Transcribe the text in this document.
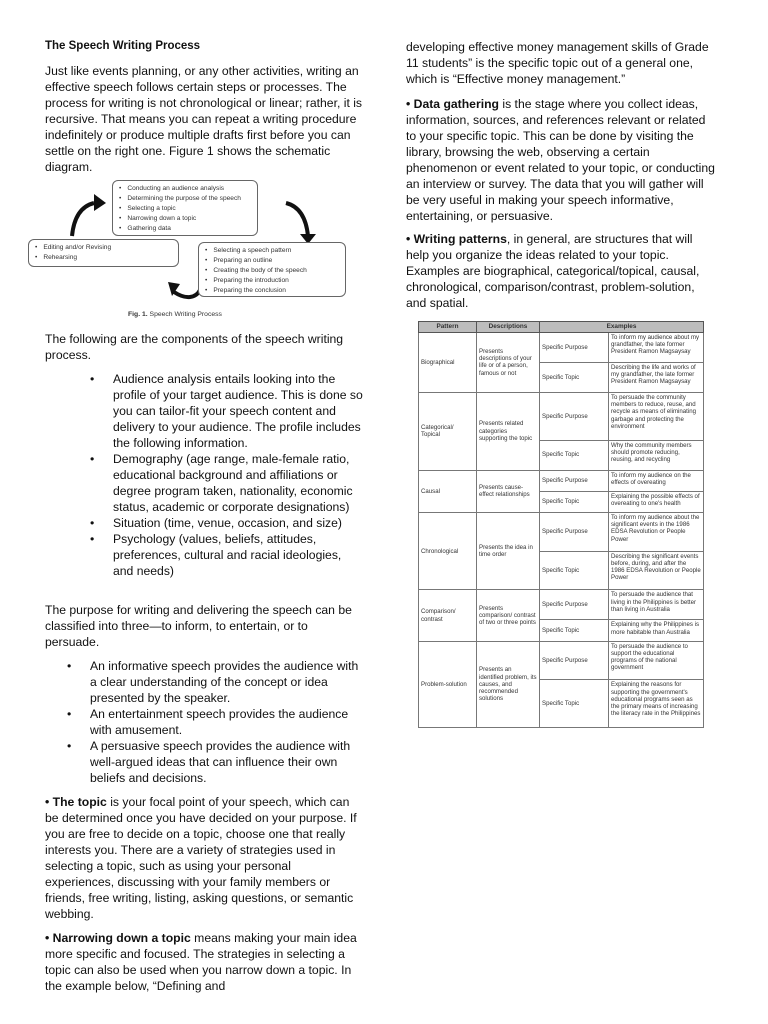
The Speech Writing Process

Just like events planning, or any other activities, writing an effective speech follows certain steps or processes. The process for writing is not chronological or linear; rather, it is recursive. That means you can repeat a writing procedure indefinitely or produce multiple drafts first before you can settle on the right one. Figure 1 shows the schematic diagram.

The following are the components of the speech writing process.

• Audience analysis entails looking into the profile of your target audience. This is done so you can tailor-fit your speech content and delivery to your audience. The profile includes the following information.
• Demography (age range, male-female ratio, educational background and affiliations or degree program taken, nationality, economic status, academic or corporate designations)
• Situation (time, venue, occasion, and size)
• Psychology (values, beliefs, attitudes, preferences, cultural and racial ideologies, and needs)

The purpose for writing and delivering the speech can be classified into three—to inform, to entertain, or to persuade.

• An informative speech provides the audience with a clear understanding of the concept or idea presented by the speaker.
• An entertainment speech provides the audience with amusement.
• A persuasive speech provides the audience with well-argued ideas that can influence their own beliefs and decisions.

• The topic is your focal point of your speech, which can be determined once you have decided on your purpose. If you are free to decide on a topic, choose one that really interests you. There are a variety of strategies used in selecting a topic, such as using your personal experiences, discussing with your family members or friends, free writing, listing, asking questions, or semantic webbing.

• Narrowing down a topic means making your main idea more specific and focused. The strategies in selecting a topic can also be used when you narrow down a topic. In the example below, “Defining and

• Conducting an audience analysis
• Determining the purpose of the speech
• Selecting a topic
• Narrowing down a topic
• Gathering data
• Editing and/or Revising
• Rehearsing
• Selecting a speech pattern
• Preparing an outline
• Creating the body of the speech
• Preparing the introduction
• Preparing the conclusion
Fig. 1. Speech Writing Process

developing effective money management skills of Grade 11 students” is the specific topic out of a general one, which is “Effective money management.”

• Data gathering is the stage where you collect ideas, information, sources, and references relevant or related to your specific topic. This can be done by visiting the library, browsing the web, observing a certain phenomenon or event related to your topic, or conducting an interview or survey. The data that you will gather will be very useful in making your speech informative, entertaining, or persuasive.

• Writing patterns, in general, are structures that will help you organize the ideas related to your topic. Examples are biographical, categorical/topical, causal, chronological, comparison/contrast, problem-solution, and spatial.

Pattern	Descriptions	Examples	
Biographical	Presents descriptions of your life or of a person, famous or not	Specific Purpose	To inform my audience about my grandfather, the late former President Ramon Magsaysay
		Specific Topic	Describing the life and works of my grandfather, the late former President Ramon Magsaysay
Categorical/ Topical	Presents related categories supporting the topic	Specific Purpose	To persuade the community members to reduce, reuse, and recycle as means of eliminating garbage and protecting the environment
		Specific Topic	Why the community members should promote reducing, reusing, and recycling
Causal	Presents cause-effect relationships	Specific Purpose	To inform my audience on the effects of overeating
		Specific Topic	Explaining the possible effects of overeating to one's health
Chronological	Presents the idea in time order	Specific Purpose	To inform my audience about the significant events in the 1986 EDSA Revolution or People Power
		Specific Topic	Describing the significant events before, during, and after the 1986 EDSA Revolution or People Power
Comparison/ contrast	Presents comparison/ contrast of two or three points	Specific Purpose	To persuade the audience that living in the Philippines is better than living in Australia
		Specific Topic	Explaining why the Philippines is more habitable than Australia
Problem-solution	Presents an identified problem, its causes, and recommended solutions	Specific Purpose	To persuade the audience to support the educational programs of the national government
		Specific Topic	Explaining the reasons for supporting the government's educational programs seen as the primary means of increasing the literacy rate in the Philippines
